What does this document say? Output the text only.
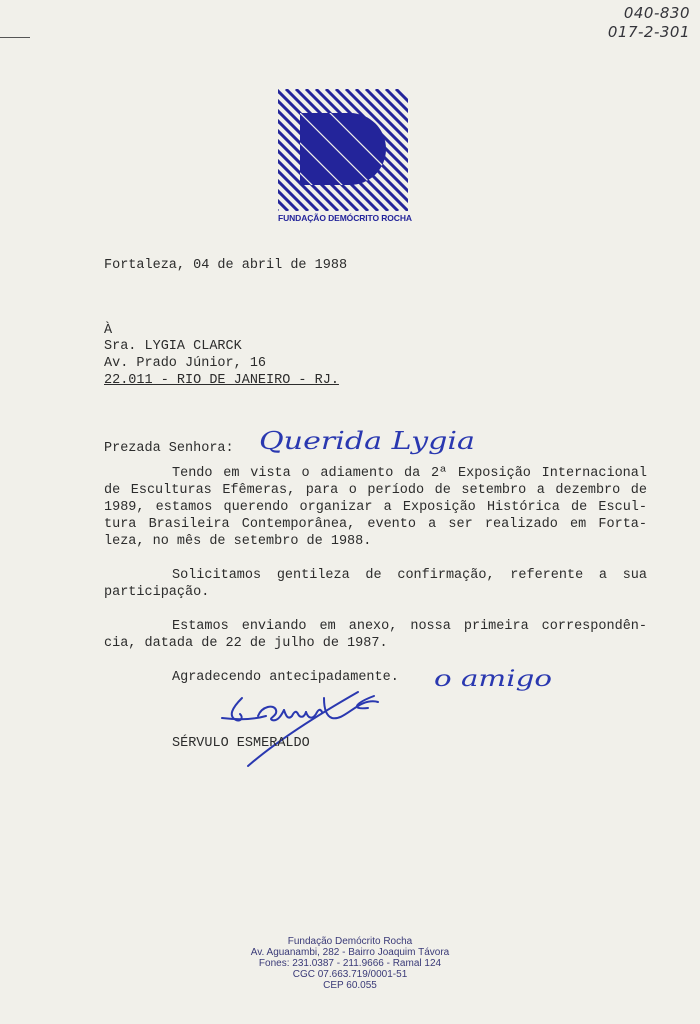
040-830
017-2-301
FUNDAÇÃO DEMÓCRITO ROCHA
Fortaleza, 04 de abril de 1988
À
Sra. LYGIA CLARCK
Av. Prado Júnior, 16
22.011 - RIO DE JANEIRO - RJ.
Prezada Senhora: Querida Lygia
Tendo em vista o adiamento da 2ª Exposição Internacional
de Esculturas Efêmeras, para o período de setembro a dezembro de
1989, estamos querendo organizar a Exposição Histórica de Escul-
tura Brasileira Contemporânea, evento a ser realizado em Forta-
leza, no mês de setembro de 1988.
Solicitamos gentileza de confirmação, referente a sua
participação.
Estamos enviando em anexo, nossa primeira correspondên-
cia, datada de 22 de julho de 1987.
Agradecendo antecipadamente. o amigo
SÉRVULO ESMERALDO
Fundação Demócrito Rocha
Av. Aguanambi, 282 - Bairro Joaquim Távora
Fones: 231.0387 - 211.9666 - Ramal 124
CGC 07.663.719/0001-51
CEP 60.055
